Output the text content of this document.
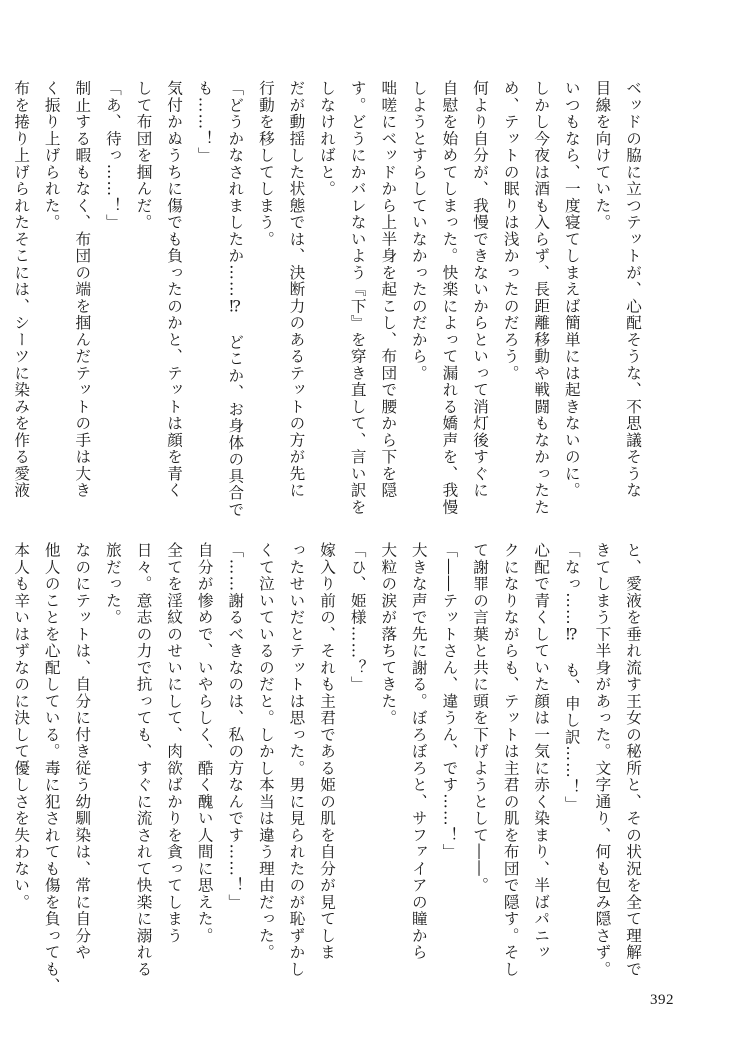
ベッドの脇に立つテットが、心配そうな、不思議そうな
目線を向けていた。
いつもなら、一度寝てしまえば簡単には起きないのに。
しかし今夜は酒も入らず、長距離移動や戦闘もなかったた
め、テットの眠りは浅かったのだろう。
何より自分が、我慢できないからといって消灯後すぐに
自慰を始めてしまった。快楽によって漏れる嬌声を、我慢
しようとすらしていなかったのだから。
咄嗟にベッドから上半身を起こし、布団で腰から下を隠
す。どうにかバレないよう『下』を穿き直して、言い訳を
しなければと。
だが動揺した状態では、決断力のあるテットの方が先に
行動を移してしまう。
「どうかなされましたか……⁉　どこか、お身体の具合で
も……！」
気付かぬうちに傷でも負ったのかと、テットは顔を青く
して布団を掴んだ。
「あ、待っ……！」
制止する暇もなく、布団の端を掴んだテットの手は大き
く振り上げられた。
布を捲り上げられたそこには、シーツに染みを作る愛液
と、愛液を垂れ流す王女の秘所と、その状況を全て理解で
きてしまう下半身があった。文字通り、何も包み隠さず。
「なっ……⁉　も、申し訳……！」
心配で青くしていた顔は一気に赤く染まり、半ばパニッ
クになりながらも、テットは主君の肌を布団で隠す。そし
て謝罪の言葉と共に頭を下げようとして――。
「――テットさん、違うん、です……！」
大きな声で先に謝る。ぼろぼろと、サファイアの瞳から
大粒の涙が落ちてきた。
「ひ、姫様……？」
嫁入り前の、それも主君である姫の肌を自分が見てしま
ったせいだとテットは思った。男に見られたのが恥ずかし
くて泣いているのだと。しかし本当は違う理由だった。
「……謝るべきなのは、私の方なんです……！」
自分が惨めで、いやらしく、酷く醜い人間に思えた。
全てを淫紋のせいにして、肉欲ばかりを貪ってしまう
日々。意志の力で抗っても、すぐに流されて快楽に溺れる
旅だった。
なのにテットは、自分に付き従う幼馴染は、常に自分や
他人のことを心配している。毒に犯されても傷を負っても、
本人も辛いはずなのに決して優しさを失わない。
392
